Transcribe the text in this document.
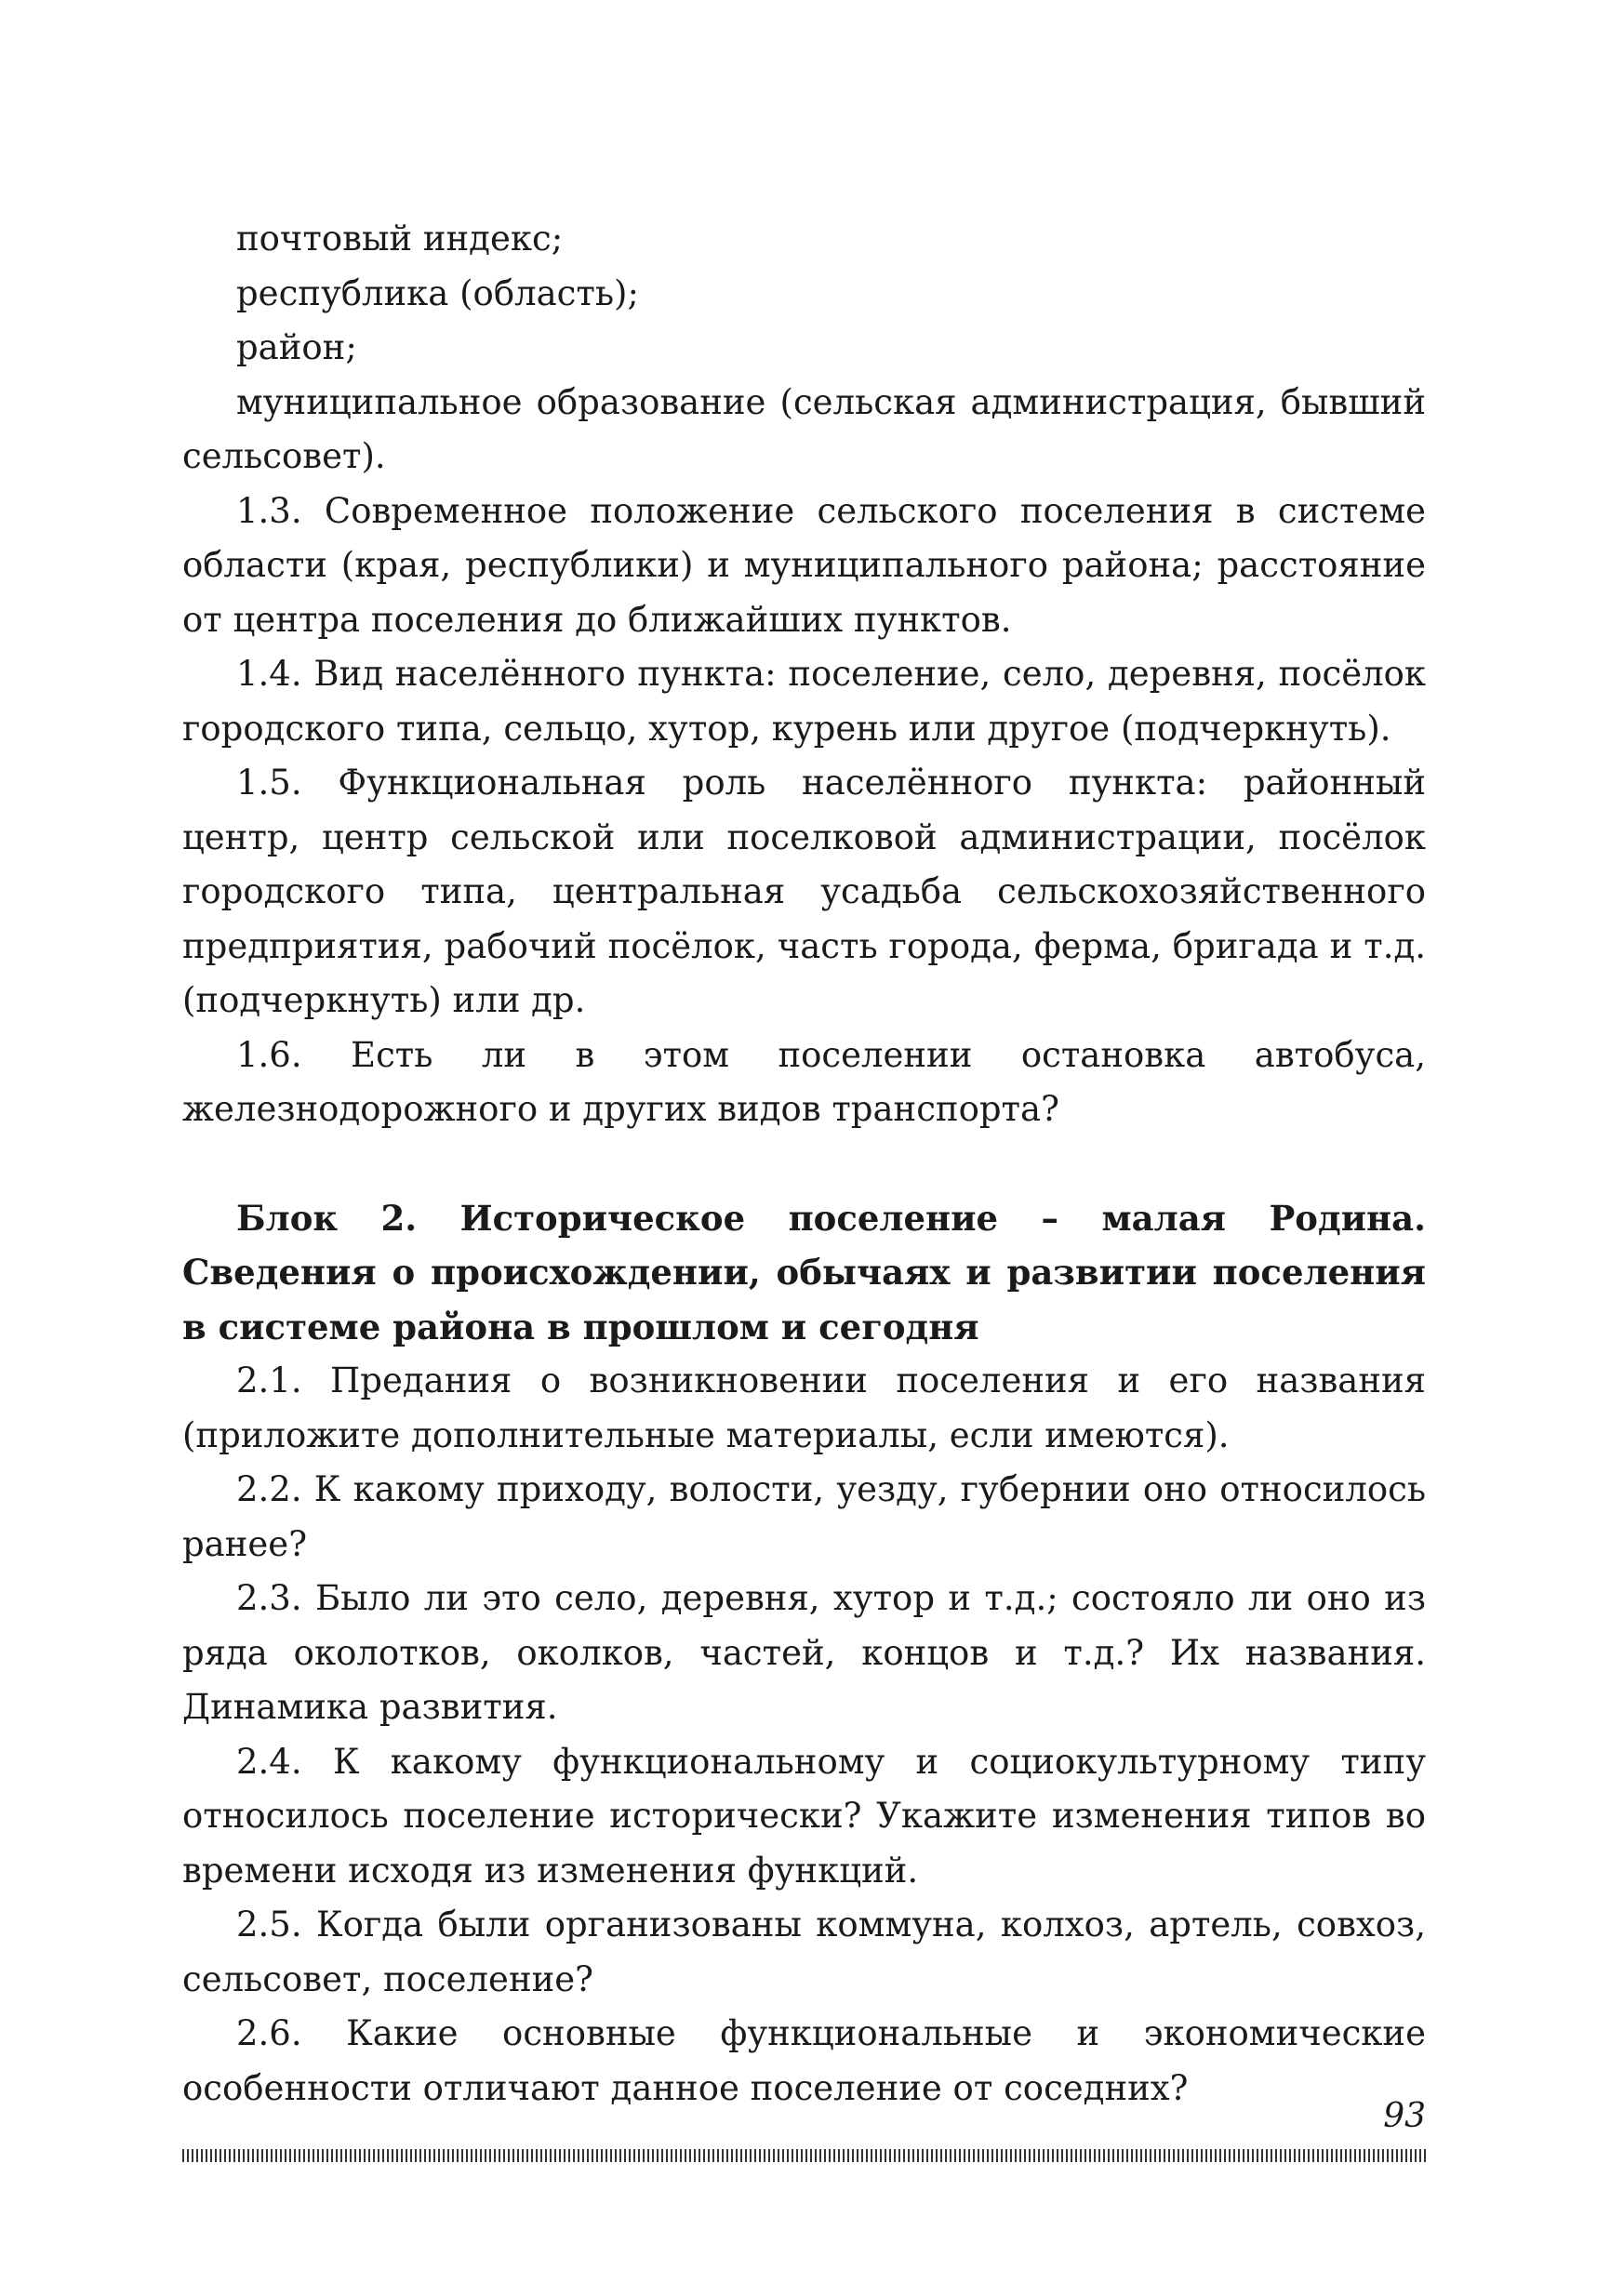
почтовый индекс;

республика (область);

район;

муниципальное образование (сельская администрация, бывший сельсовет).

1.3. Современное положение сельского поселения в системе области (края, республики) и муниципального района; расстояние от центра поселения до ближайших пунктов.

1.4. Вид населённого пункта: поселение, село, деревня, посёлок городского типа, сельцо, хутор, курень или другое (подчеркнуть).

1.5. Функциональная роль населённого пункта: районный центр, центр сельской или поселковой администрации, посёлок городского типа, центральная усадьба сельскохозяйственного предприятия, рабочий посёлок, часть города, ферма, бригада и т.д. (подчеркнуть) или др.

1.6. Есть ли в этом поселении остановка автобуса, железнодорожного и других видов транспорта?

Блок 2. Историческое поселение – малая Родина. Сведения о происхождении, обычаях и развитии поселения в системе района в прошлом и сегодня

2.1. Предания о возникновении поселения и его названия (приложите дополнительные материалы, если имеются).

2.2. К какому приходу, волости, уезду, губернии оно относилось ранее?

2.3. Было ли это село, деревня, хутор и т.д.; состояло ли оно из ряда околотков, околков, частей, концов и т.д.? Их названия. Динамика развития.

2.4. К какому функциональному и социокультурному типу относилось поселение исторически? Укажите изменения типов во времени исходя из изменения функций.

2.5. Когда были организованы коммуна, колхоз, артель, совхоз, сельсовет, поселение?

2.6. Какие основные функциональные и экономические особенности отличают данное поселение от соседних?

93
